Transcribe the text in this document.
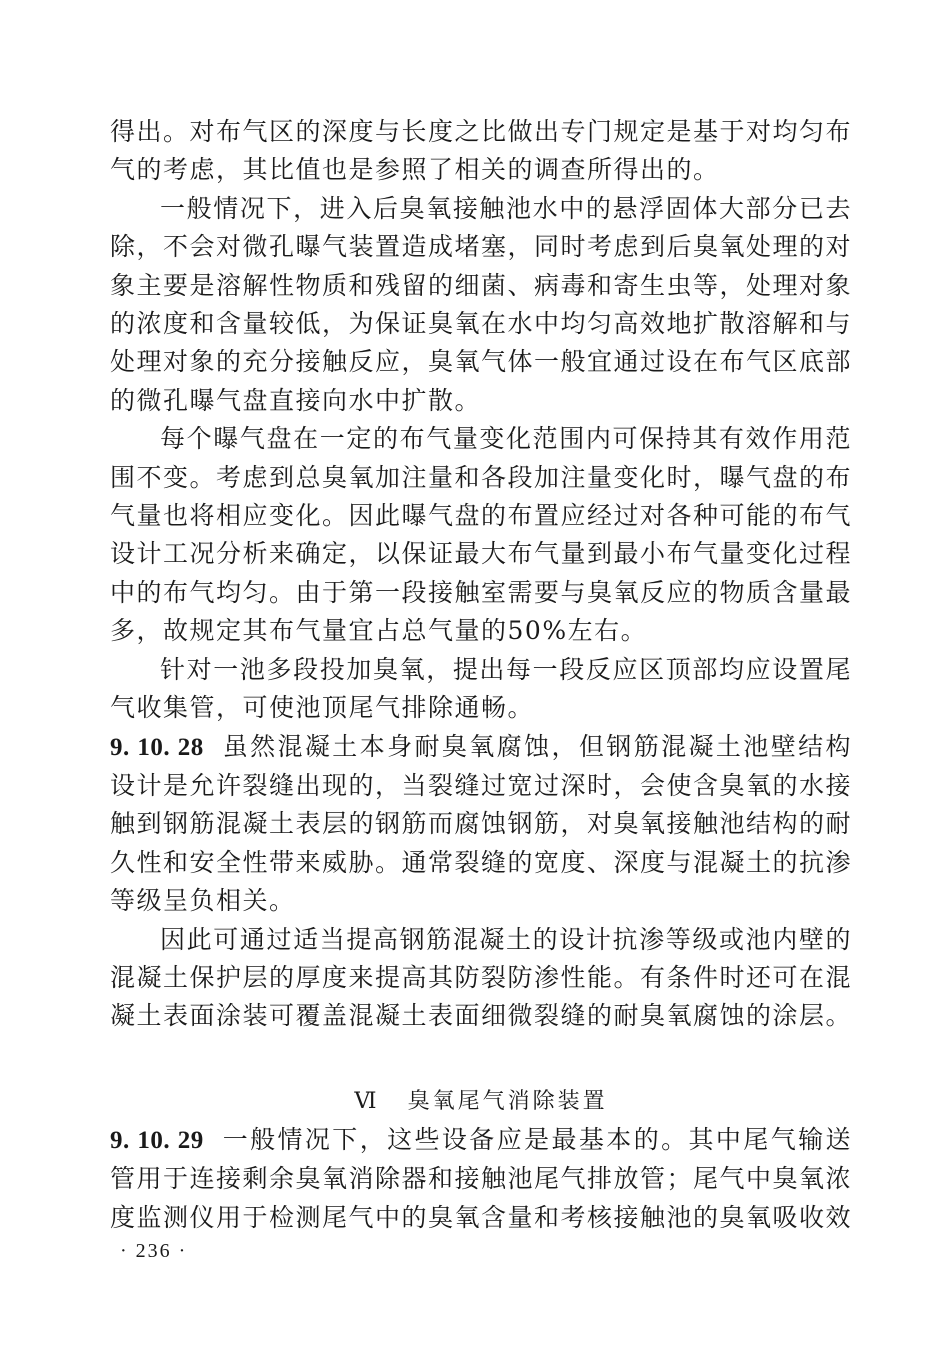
得出。对布气区的深度与长度之比做出专门规定是基于对均匀布气的考虑，其比值也是参照了相关的调查所得出的。

一般情况下，进入后臭氧接触池水中的悬浮固体大部分已去除，不会对微孔曝气装置造成堵塞，同时考虑到后臭氧处理的对象主要是溶解性物质和残留的细菌、病毒和寄生虫等，处理对象的浓度和含量较低，为保证臭氧在水中均匀高效地扩散溶解和与处理对象的充分接触反应，臭氧气体一般宜通过设在布气区底部的微孔曝气盘直接向水中扩散。

每个曝气盘在一定的布气量变化范围内可保持其有效作用范围不变。考虑到总臭氧加注量和各段加注量变化时，曝气盘的布气量也将相应变化。因此曝气盘的布置应经过对各种可能的布气设计工况分析来确定，以保证最大布气量到最小布气量变化过程中的布气均匀。由于第一段接触室需要与臭氧反应的物质含量最多，故规定其布气量宜占总气量的50%左右。

针对一池多段投加臭氧，提出每一段反应区顶部均应设置尾气收集管，可使池顶尾气排除通畅。

9. 10. 28 虽然混凝土本身耐臭氧腐蚀，但钢筋混凝土池壁结构设计是允许裂缝出现的，当裂缝过宽过深时，会使含臭氧的水接触到钢筋混凝土表层的钢筋而腐蚀钢筋，对臭氧接触池结构的耐久性和安全性带来威胁。通常裂缝的宽度、深度与混凝土的抗渗等级呈负相关。

因此可通过适当提高钢筋混凝土的设计抗渗等级或池内壁的混凝土保护层的厚度来提高其防裂防渗性能。有条件时还可在混凝土表面涂装可覆盖混凝土表面细微裂缝的耐臭氧腐蚀的涂层。

Ⅵ 臭氧尾气消除装置

9. 10. 29 一般情况下，这些设备应是最基本的。其中尾气输送管用于连接剩余臭氧消除器和接触池尾气排放管；尾气中臭氧浓度监测仪用于检测尾气中的臭氧含量和考核接触池的臭氧吸收效

· 236 ·
